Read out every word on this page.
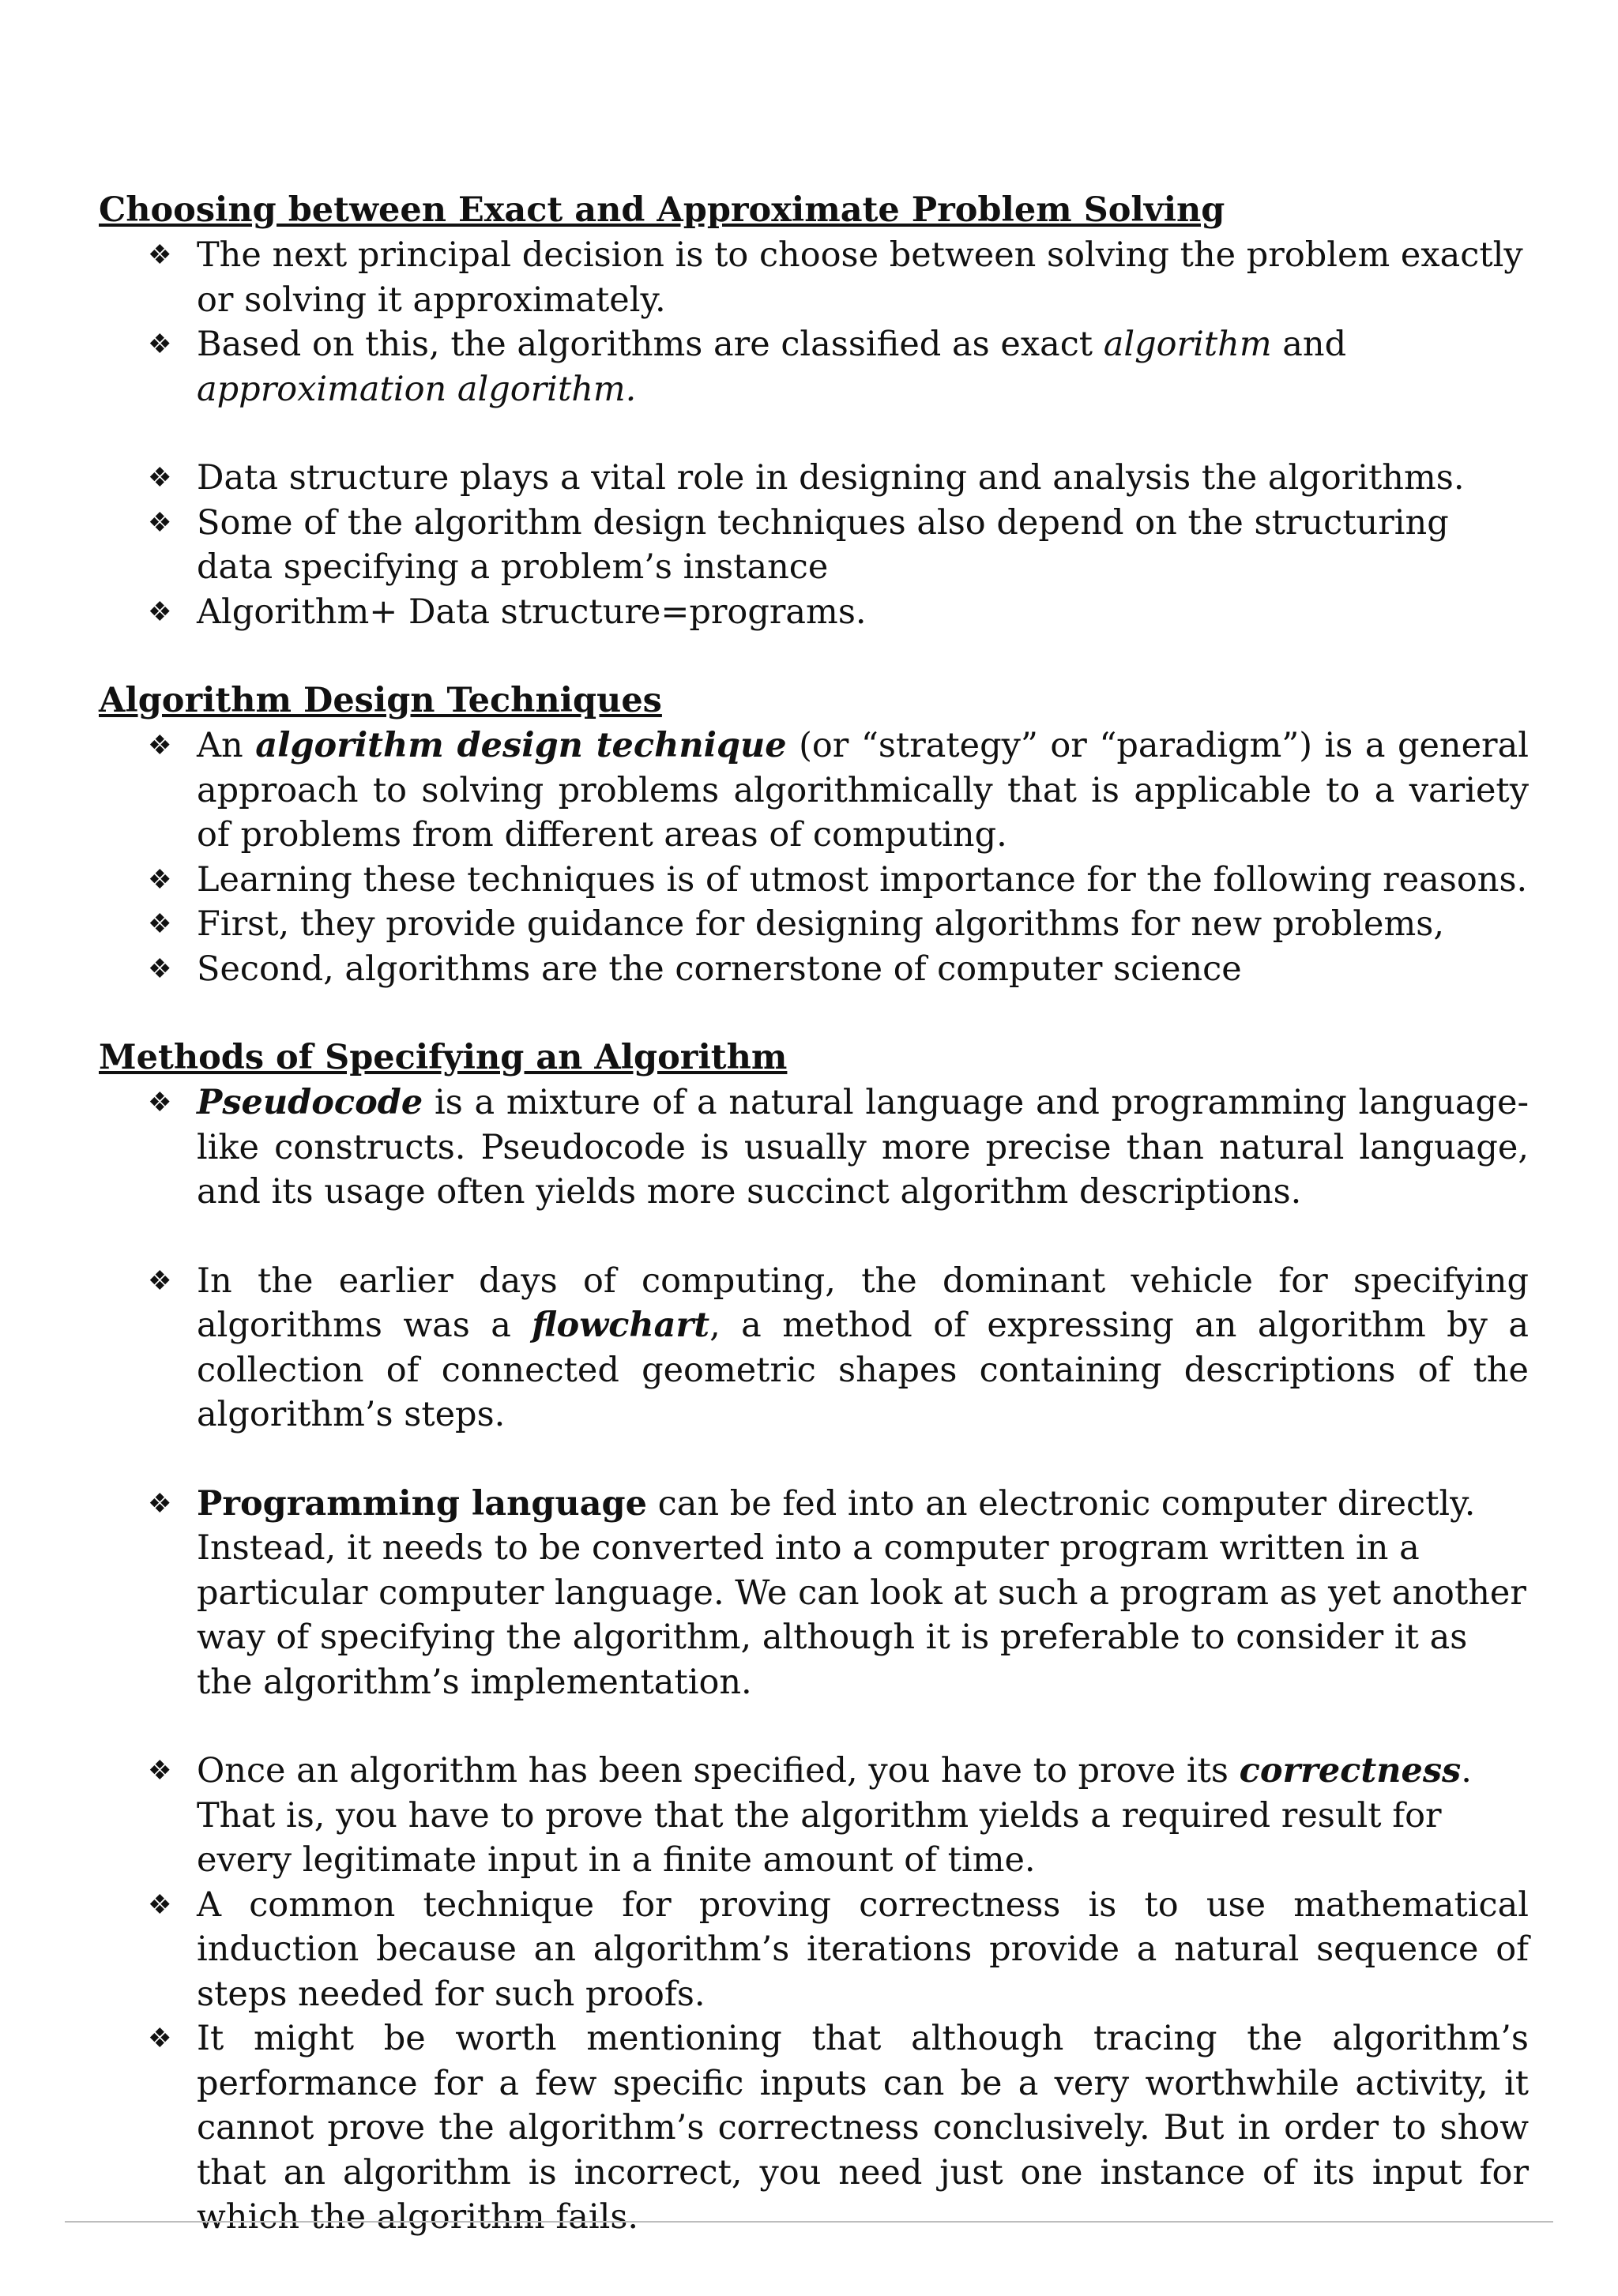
Choosing between Exact and Approximate Problem Solving
❖ The next principal decision is to choose between solving the problem exactly or solving it approximately.
❖ Based on this, the algorithms are classified as exact algorithm and approximation algorithm.
❖ Data structure plays a vital role in designing and analysis the algorithms.
❖ Some of the algorithm design techniques also depend on the structuring data specifying a problem’s instance
❖ Algorithm+ Data structure=programs.
Algorithm Design Techniques
❖ An algorithm design technique (or “strategy” or “paradigm”) is a general approach to solving problems algorithmically that is applicable to a variety of problems from different areas of computing.
❖ Learning these techniques is of utmost importance for the following reasons.
❖ First, they provide guidance for designing algorithms for new problems,
❖ Second, algorithms are the cornerstone of computer science
Methods of Specifying an Algorithm
❖ Pseudocode is a mixture of a natural language and programming language-like constructs. Pseudocode is usually more precise than natural language, and its usage often yields more succinct algorithm descriptions.
❖ In the earlier days of computing, the dominant vehicle for specifying algorithms was a flowchart, a method of expressing an algorithm by a collection of connected geometric shapes containing descriptions of the algorithm’s steps.
❖ Programming language can be fed into an electronic computer directly. Instead, it needs to be converted into a computer program written in a particular computer language. We can look at such a program as yet another way of specifying the algorithm, although it is preferable to consider it as the algorithm’s implementation.
❖ Once an algorithm has been specified, you have to prove its correctness. That is, you have to prove that the algorithm yields a required result for every legitimate input in a finite amount of time.
❖ A common technique for proving correctness is to use mathematical induction because an algorithm’s iterations provide a natural sequence of steps needed for such proofs.
❖ It might be worth mentioning that although tracing the algorithm’s performance for a few specific inputs can be a very worthwhile activity, it cannot prove the algorithm’s correctness conclusively. But in order to show that an algorithm is incorrect, you need just one instance of its input for which the algorithm fails.
